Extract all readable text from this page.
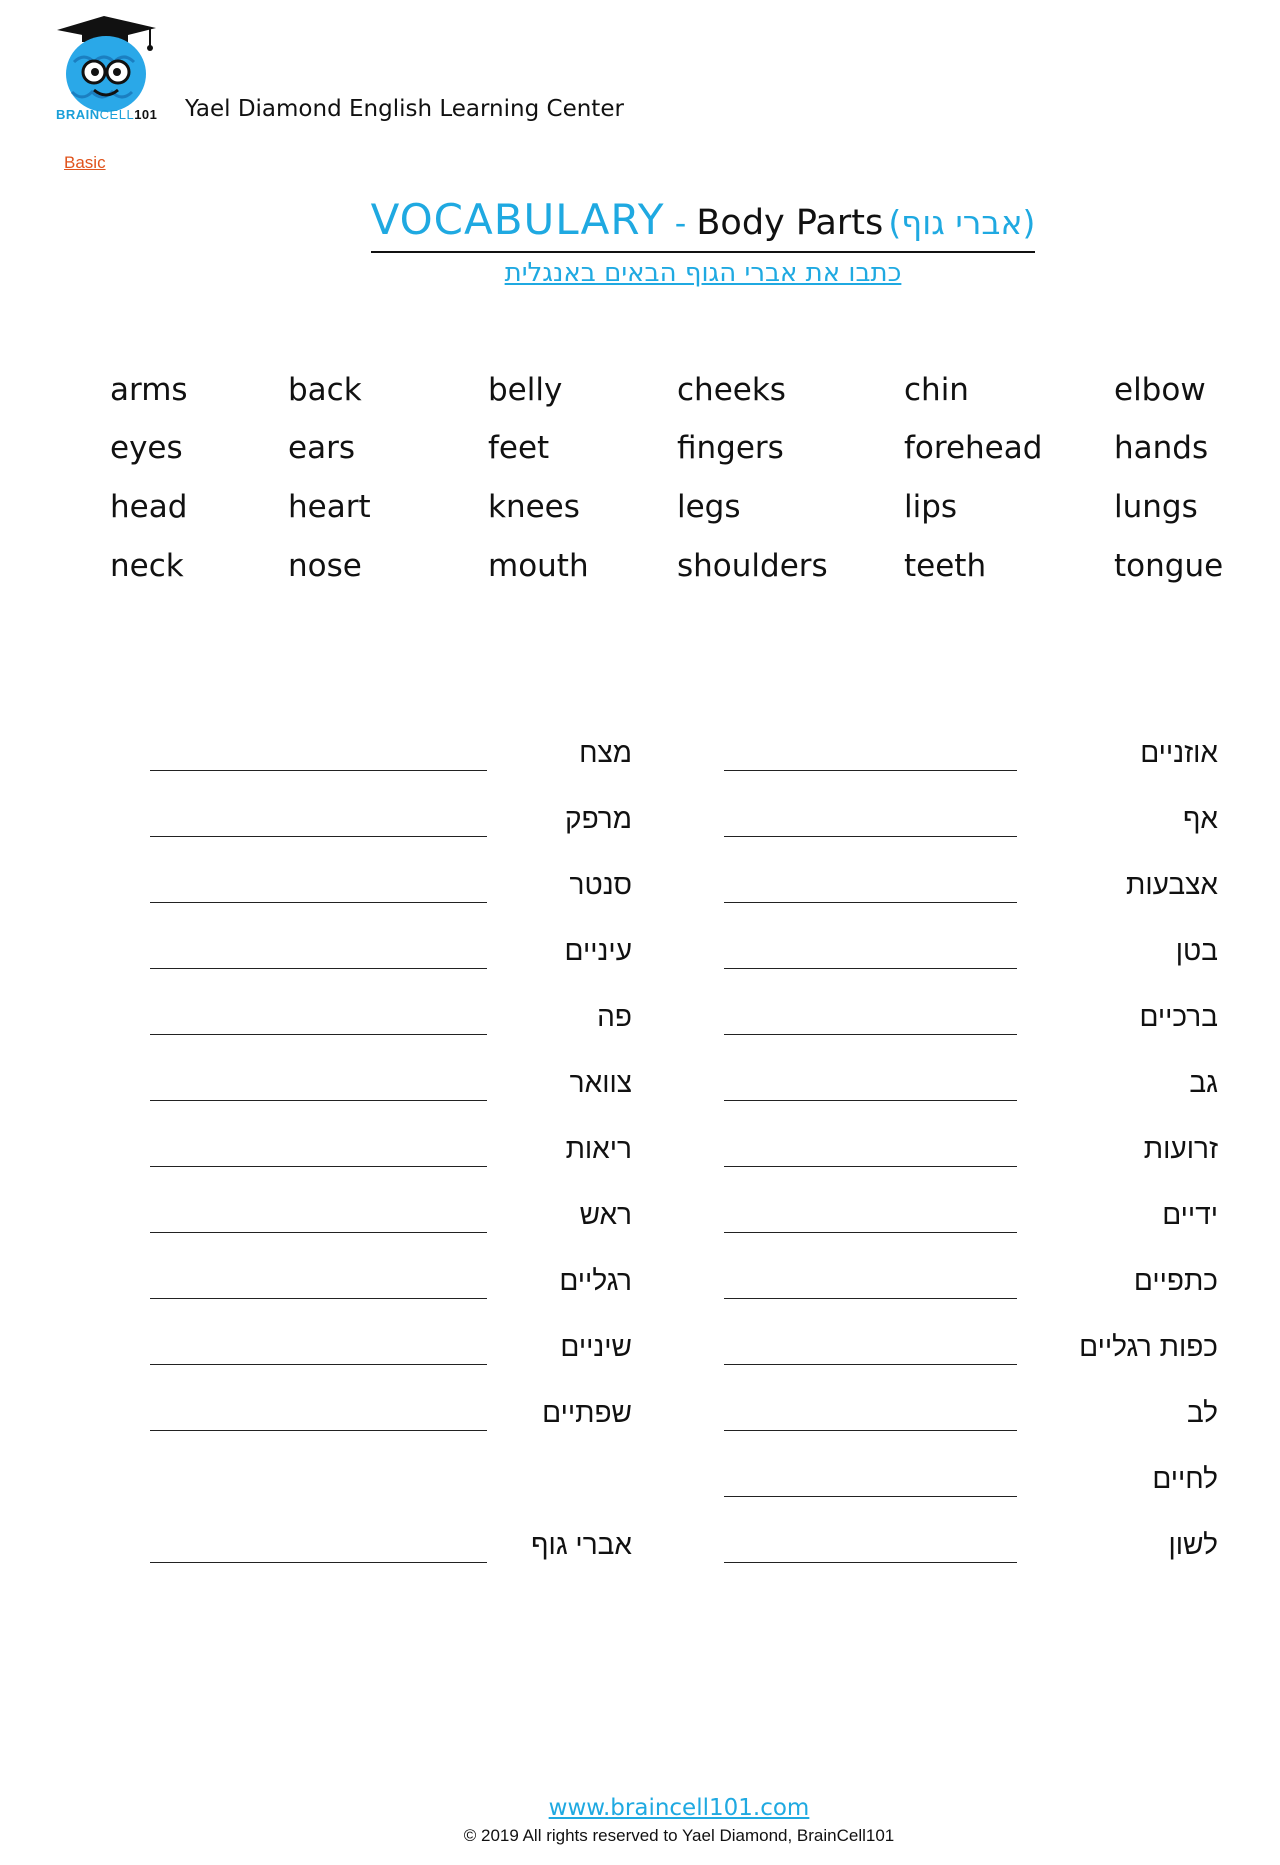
BRAINCELL101 Yael Diamond English Learning Center
Basic
VOCABULARY - Body Parts (אברי גוף)
כתבו את אברי הגוף הבאים באנגלית
arms	back	belly	cheeks	chin	elbow
eyes	ears	feet	fingers	forehead hands
head	heart	knees	legs	lips	lungs
neck	nose	mouth	shoulders teeth	tongue
אוזניים
אף
אצבעות
בטן
ברכיים
גב
זרועות
ידיים
כתפיים
כפות רגליים
לב
לחיים
לשון
מצח
מרפק
סנטר
עיניים
פה
צוואר
ריאות
ראש
רגליים
שיניים
שפתיים
אברי גוף
www.braincell101.com
© 2019 All rights reserved to Yael Diamond, BrainCell101
